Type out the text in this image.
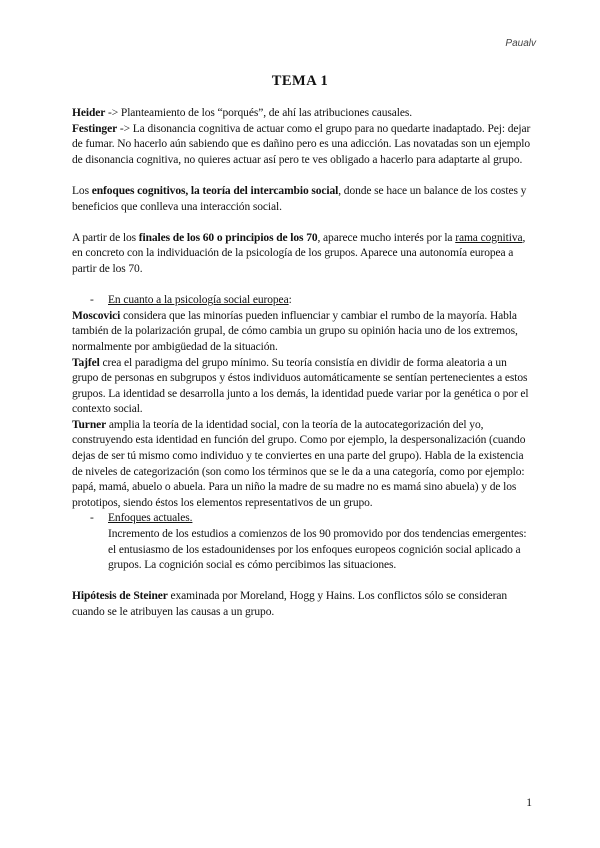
Paualv
TEMA 1

Heider -> Planteamiento de los “porqués”, de ahí las atribuciones causales.

Festinger -> La disonancia cognitiva de actuar como el grupo para no quedarte inadaptado. Pej: dejar de fumar. No hacerlo aún sabiendo que es dañino pero es una adicción. Las novatadas son un ejemplo de disonancia cognitiva, no quieres actuar así pero te ves obligado a hacerlo para adaptarte al grupo.

Los enfoques cognitivos, la teoría del intercambio social, donde se hace un balance de los costes y beneficios que conlleva una interacción social.

A partir de los finales de los 60 o principios de los 70, aparece mucho interés por la rama cognitiva, en concreto con la individuación de la psicología de los grupos. Aparece una autonomía europea a partir de los 70.

- En cuanto a la psicología social europea:

Moscovici considera que las minorías pueden influenciar y cambiar el rumbo de la mayoría. Habla también de la polarización grupal, de cómo cambia un grupo su opinión hacia uno de los extremos, normalmente por ambigüedad de la situación.

Tajfel crea el paradigma del grupo mínimo. Su teoría consistía en dividir de forma aleatoria a un grupo de personas en subgrupos y éstos individuos automáticamente se sentían pertenecientes a estos grupos. La identidad se desarrolla junto a los demás, la identidad puede variar por la genética o por el contexto social.

Turner amplia la teoría de la identidad social, con la teoría de la autocategorización del yo, construyendo esta identidad en función del grupo. Como por ejemplo, la despersonalización (cuando dejas de ser tú mismo como individuo y te conviertes en una parte del grupo). Habla de la existencia de niveles de categorización (son como los términos que se le da a una categoría, como por ejemplo: papá, mamá, abuelo o abuela. Para un niño la madre de su madre no es mamá sino abuela) y de los prototipos, siendo éstos los elementos representativos de un grupo.

- Enfoques actuales.

Incremento de los estudios a comienzos de los 90 promovido por dos tendencias emergentes: el entusiasmo de los estadounidenses por los enfoques europeos cognición social aplicado a grupos. La cognición social es cómo percibimos las situaciones.

Hipótesis de Steiner examinada por Moreland, Hogg y Hains. Los conflictos sólo se consideran cuando se le atribuyen las causas a un grupo.

1
